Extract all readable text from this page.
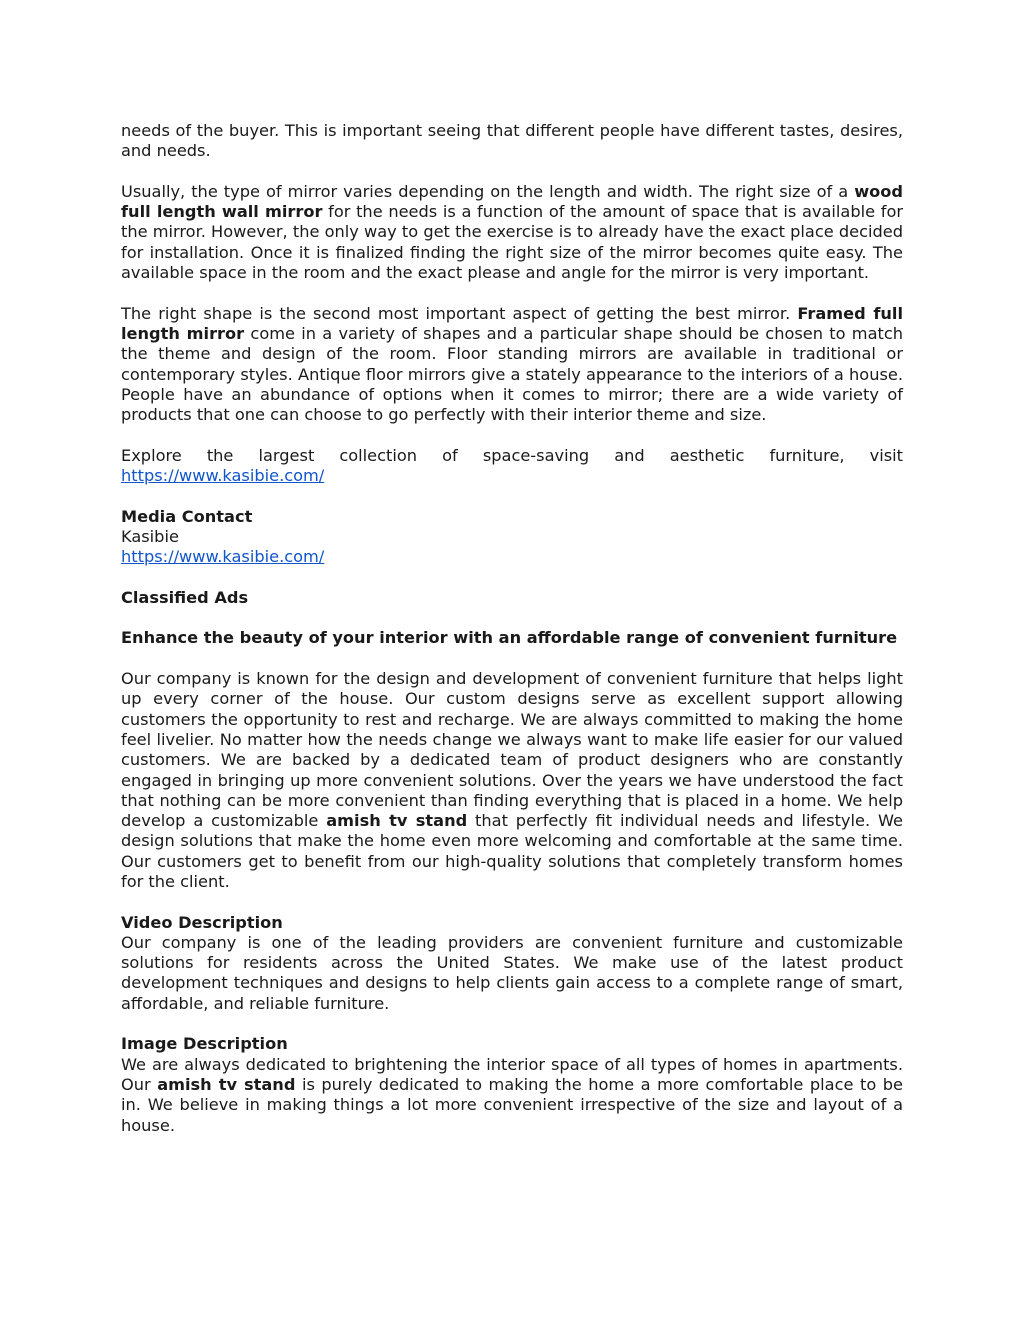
needs of the buyer. This is important seeing that different people have different tastes, desires, and needs.

Usually, the type of mirror varies depending on the length and width. The right size of a wood full length wall mirror for the needs is a function of the amount of space that is available for the mirror. However, the only way to get the exercise is to already have the exact place decided for installation. Once it is finalized finding the right size of the mirror becomes quite easy. The available space in the room and the exact please and angle for the mirror is very important.

The right shape is the second most important aspect of getting the best mirror. Framed full length mirror come in a variety of shapes and a particular shape should be chosen to match the theme and design of the room. Floor standing mirrors are available in traditional or contemporary styles. Antique floor mirrors give a stately appearance to the interiors of a house. People have an abundance of options when it comes to mirror; there are a wide variety of products that one can choose to go perfectly with their interior theme and size.

Explore the largest collection of space-saving and aesthetic furniture, visit
https://www.kasibie.com/

Media Contact
Kasibie
https://www.kasibie.com/

Classified Ads

Enhance the beauty of your interior with an affordable range of convenient furniture

Our company is known for the design and development of convenient furniture that helps light up every corner of the house. Our custom designs serve as excellent support allowing customers the opportunity to rest and recharge. We are always committed to making the home feel livelier. No matter how the needs change we always want to make life easier for our valued customers. We are backed by a dedicated team of product designers who are constantly engaged in bringing up more convenient solutions. Over the years we have understood the fact that nothing can be more convenient than finding everything that is placed in a home. We help develop a customizable amish tv stand that perfectly fit individual needs and lifestyle. We design solutions that make the home even more welcoming and comfortable at the same time. Our customers get to benefit from our high-quality solutions that completely transform homes for the client.

Video Description
Our company is one of the leading providers are convenient furniture and customizable solutions for residents across the United States. We make use of the latest product development techniques and designs to help clients gain access to a complete range of smart, affordable, and reliable furniture.

Image Description
We are always dedicated to brightening the interior space of all types of homes in apartments. Our amish tv stand is purely dedicated to making the home a more comfortable place to be in. We believe in making things a lot more convenient irrespective of the size and layout of a house.
